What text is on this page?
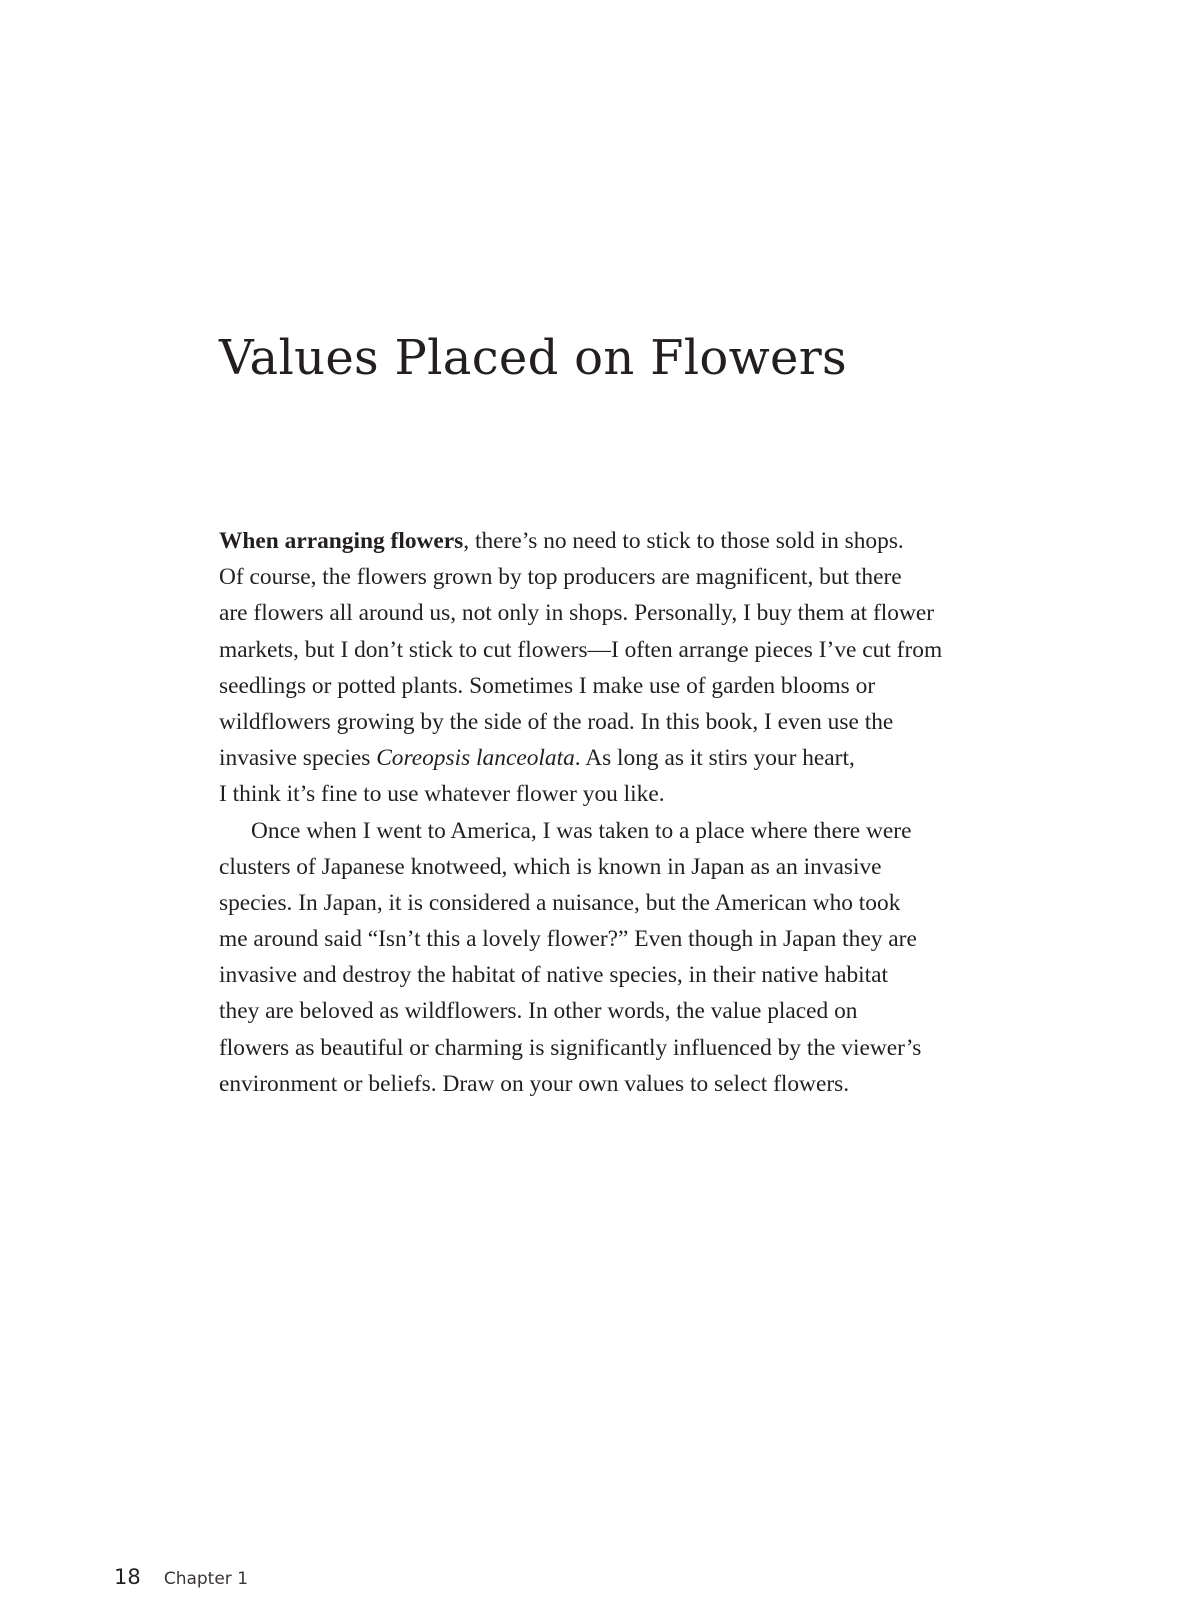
Values Placed on Flowers
When arranging flowers, there’s no need to stick to those sold in shops.
Of course, the flowers grown by top producers are magnificent, but there
are flowers all around us, not only in shops. Personally, I buy them at flower
markets, but I don’t stick to cut flowers—I often arrange pieces I’ve cut from
seedlings or potted plants. Sometimes I make use of garden blooms or
wildflowers growing by the side of the road. In this book, I even use the
invasive species Coreopsis lanceolata. As long as it stirs your heart,
I think it’s fine to use whatever flower you like.
Once when I went to America, I was taken to a place where there were
clusters of Japanese knotweed, which is known in Japan as an invasive
species. In Japan, it is considered a nuisance, but the American who took
me around said “Isn’t this a lovely flower?” Even though in Japan they are
invasive and destroy the habitat of native species, in their native habitat
they are beloved as wildflowers. In other words, the value placed on
flowers as beautiful or charming is significantly influenced by the viewer’s
environment or beliefs. Draw on your own values to select flowers.
18 Chapter 1
